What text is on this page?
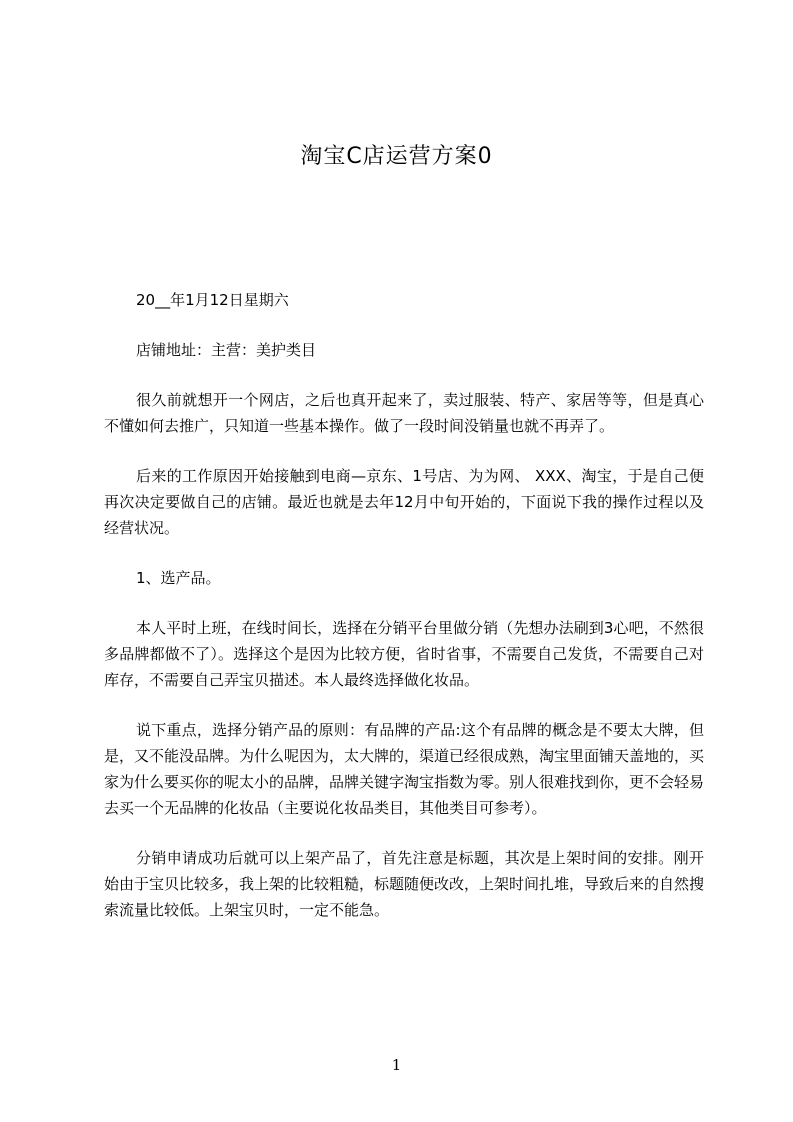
淘宝C店运营方案0

20__年1月12日星期六

店铺地址：主营：美护类目

很久前就想开一个网店，之后也真开起来了，卖过服装、特产、家居等等，但是真心不懂如何去推广，只知道一些基本操作。做了一段时间没销量也就不再弄了。

后来的工作原因开始接触到电商—京东、1号店、为为网、 XXX、淘宝，于是自己便再次决定要做自己的店铺。最近也就是去年12月中旬开始的，下面说下我的操作过程以及经营状况。

1、选产品。

本人平时上班，在线时间长，选择在分销平台里做分销（先想办法刷到3心吧，不然很多品牌都做不了）。选择这个是因为比较方便，省时省事，不需要自己发货，不需要自己对库存，不需要自己弄宝贝描述。本人最终选择做化妆品。

说下重点，选择分销产品的原则：有品牌的产品:这个有品牌的概念是不要太大牌，但是，又不能没品牌。为什么呢因为，太大牌的，渠道已经很成熟，淘宝里面铺天盖地的，买家为什么要买你的呢太小的品牌，品牌关键字淘宝指数为零。别人很难找到你，更不会轻易去买一个无品牌的化妆品（主要说化妆品类目，其他类目可参考）。

分销申请成功后就可以上架产品了，首先注意是标题，其次是上架时间的安排。刚开始由于宝贝比较多，我上架的比较粗糙，标题随便改改，上架时间扎堆，导致后来的自然搜索流量比较低。上架宝贝时，一定不能急。

1
